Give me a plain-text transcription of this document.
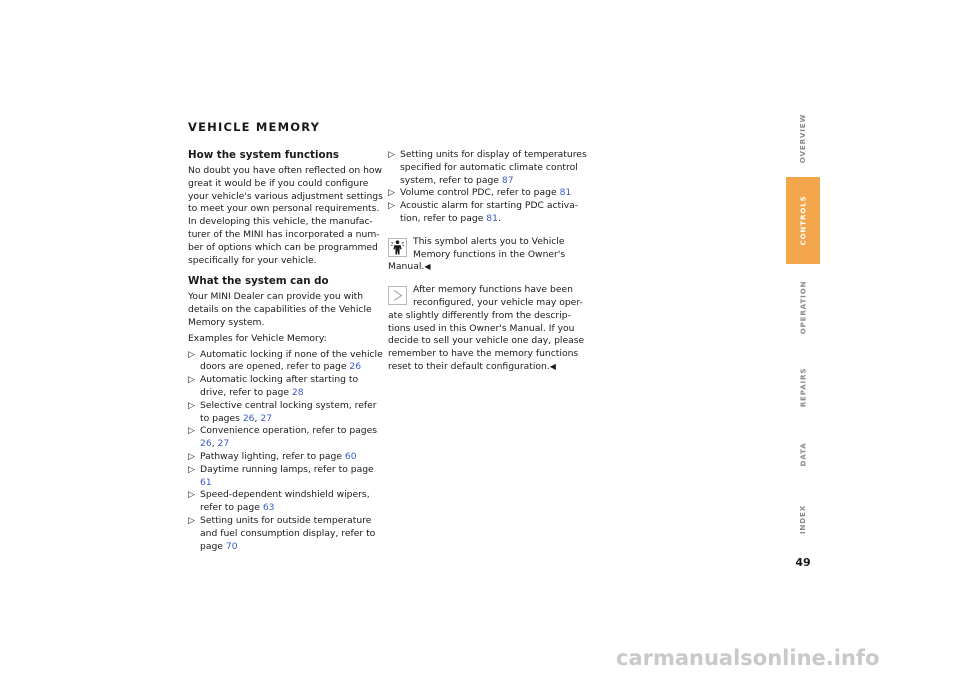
VEHICLE MEMORY
How the system functions

No doubt you have often reflected on how great it would be if you could configure your vehicle's various adjustment settings to meet your own personal requirements. In developing this vehicle, the manufac-turer of the MINI has incorporated a num-ber of options which can be programmed specifically for your vehicle.

What the system can do

Your MINI Dealer can provide you with details on the capabilities of the Vehicle Memory system.

Examples for Vehicle Memory:

▷ Automatic locking if none of the vehicle doors are opened, refer to page 26
▷ Automatic locking after starting to drive, refer to page 28
▷ Selective central locking system, refer to pages 26, 27
▷ Convenience operation, refer to pages 26, 27
▷ Pathway lighting, refer to page 60
▷ Daytime running lamps, refer to page 61
▷ Speed-dependent windshield wipers, refer to page 63
▷ Setting units for outside temperature and fuel consumption display, refer to page 70
▷ Setting units for display of temperatures specified for automatic climate control system, refer to page 87
▷ Volume control PDC, refer to page 81
▷ Acoustic alarm for starting PDC activa-tion, refer to page 81.
This symbol alerts you to Vehicle Memory functions in the Owner's Manual.◀
After memory functions have been reconfigured, your vehicle may oper-ate slightly differently from the descrip-tions used in this Owner's Manual. If you decide to sell your vehicle one day, please remember to have the memory functions reset to their default configuration.◀
OVERVIEW
CONTROLS
OPERATION
REPAIRS
DATA
INDEX
49
carmanualsonline.info
